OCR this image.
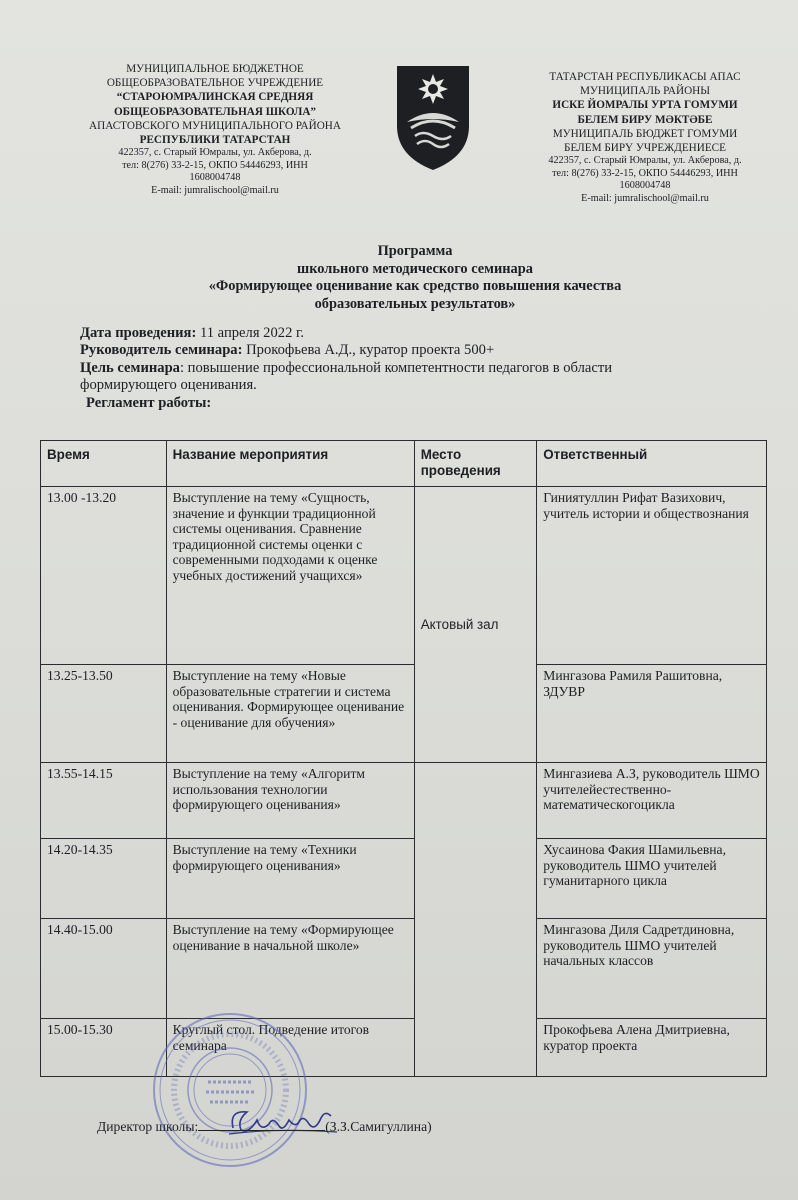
МУНИЦИПАЛЬНОЕ БЮДЖЕТНОЕ
ОБЩЕОБРАЗОВАТЕЛЬНОЕ УЧРЕЖДЕНИЕ
“СТАРОЮМРАЛИНСКАЯ СРЕДНЯЯ
ОБЩЕОБРАЗОВАТЕЛЬНАЯ ШКОЛА”
АПАСТОВСКОГО МУНИЦИПАЛЬНОГО РАЙОНА
РЕСПУБЛИКИ ТАТАРСТАН
422357, с. Старый Юмралы, ул. Акберова, д.
тел: 8(276) 33-2-15, ОКПО 54446293, ИНН
1608004748
E-mail: jumralischool@mail.ru
ТАТАРСТАН РЕСПУБЛИКАСЫ АПАС
МУНИЦИПАЛЬ РАЙОНЫ
ИСКЕ ЙОМРАЛЫ УРТА ГОМУМИ
БЕЛЕМ БИРУ МӘКТӘБЕ
МУНИЦИПАЛЬ БЮДЖЕТ ГОМУМИ
БЕЛЕМ БИРҮ УЧРЕЖДЕНИЕСЕ
422357, с. Старый Юмралы, ул. Акберова, д.
тел: 8(276) 33-2-15, ОКПО 54446293, ИНН
1608004748
E-mail: jumralischool@mail.ru
Программа
школьного методического семинара
«Формирующее оценивание как средство повышения качества
образовательных результатов»

Дата проведения: 11 апреля 2022 г.

Руководитель семинара: Прокофьева А.Д., куратор проекта 500+

Цель семинара: повышение профессиональной компетентности педагогов в области

формирующего оценивания.

Регламент работы:

Время	Название мероприятия	Место проведения	Ответственный
13.00 -13.20	Выступление на тему «Сущность, значение и функции традиционной системы оценивания. Сравнение традиционной системы оценки с современными подходами к оценке учебных достижений учащихся»	Актовый зал	Гиниятуллин Рифат Вазихович, учитель истории и обществознания
13.25-13.50	Выступление на тему «Новые образовательные стратегии и система оценивания. Формирующее оценивание - оценивание для обучения»		Мингазова Рамиля Рашитовна, ЗДУВР
13.55-14.15	Выступление на тему «Алгоритм использования технологии формирующего оценивания»		Мингазиева А.З, руководитель ШМО учителейестественно-математическогоцикла
14.20-14.35	Выступление на тему «Техники формирующего оценивания»		Хусаинова Факия Шамильевна, руководитель ШМО учителей гуманитарного цикла
14.40-15.00	Выступление на тему «Формирующее оценивание в начальной школе»		Мингазова Диля Садретдиновна, руководитель ШМО учителей начальных классов
15.00-15.30	Круглый стол. Подведение итогов семинара		Прокофьева Алена Дмитриевна, куратор проекта
Директор школы:	(З.З.Самигуллина)
